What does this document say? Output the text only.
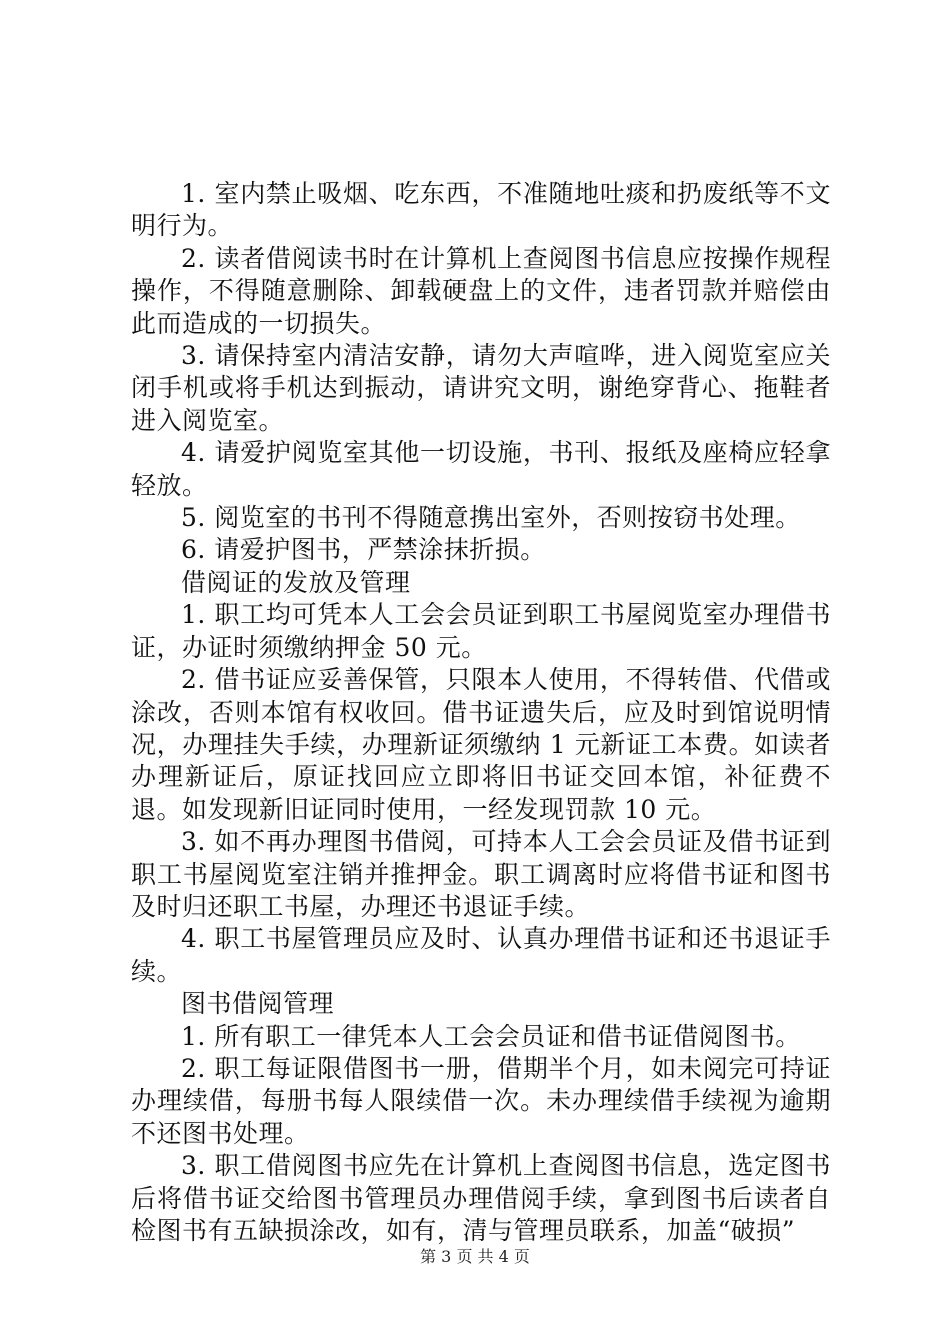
1. 室内禁止吸烟、吃东西，不准随地吐痰和扔废纸等不文明行为。

2. 读者借阅读书时在计算机上查阅图书信息应按操作规程操作，不得随意删除、卸载硬盘上的文件，违者罚款并赔偿由此而造成的一切损失。

3. 请保持室内清洁安静，请勿大声喧哗，进入阅览室应关闭手机或将手机达到振动，请讲究文明，谢绝穿背心、拖鞋者进入阅览室。

4. 请爱护阅览室其他一切设施，书刊、报纸及座椅应轻拿轻放。

5. 阅览室的书刊不得随意携出室外，否则按窃书处理。

6. 请爱护图书，严禁涂抹折损。

借阅证的发放及管理

1. 职工均可凭本人工会会员证到职工书屋阅览室办理借书证，办证时须缴纳押金 50 元。

2. 借书证应妥善保管，只限本人使用，不得转借、代借或涂改，否则本馆有权收回。借书证遗失后，应及时到馆说明情况，办理挂失手续，办理新证须缴纳 1 元新证工本费。如读者办理新证后，原证找回应立即将旧书证交回本馆，补征费不退。如发现新旧证同时使用，一经发现罚款 10 元。

3. 如不再办理图书借阅，可持本人工会会员证及借书证到职工书屋阅览室注销并推押金。职工调离时应将借书证和图书及时归还职工书屋，办理还书退证手续。

4. 职工书屋管理员应及时、认真办理借书证和还书退证手续。

图书借阅管理

1. 所有职工一律凭本人工会会员证和借书证借阅图书。

2. 职工每证限借图书一册，借期半个月，如未阅完可持证办理续借，每册书每人限续借一次。未办理续借手续视为逾期不还图书处理。

3. 职工借阅图书应先在计算机上查阅图书信息，选定图书后将借书证交给图书管理员办理借阅手续，拿到图书后读者自检图书有五缺损涂改，如有，清与管理员联系，加盖“破损”

第 3 页 共 4 页
